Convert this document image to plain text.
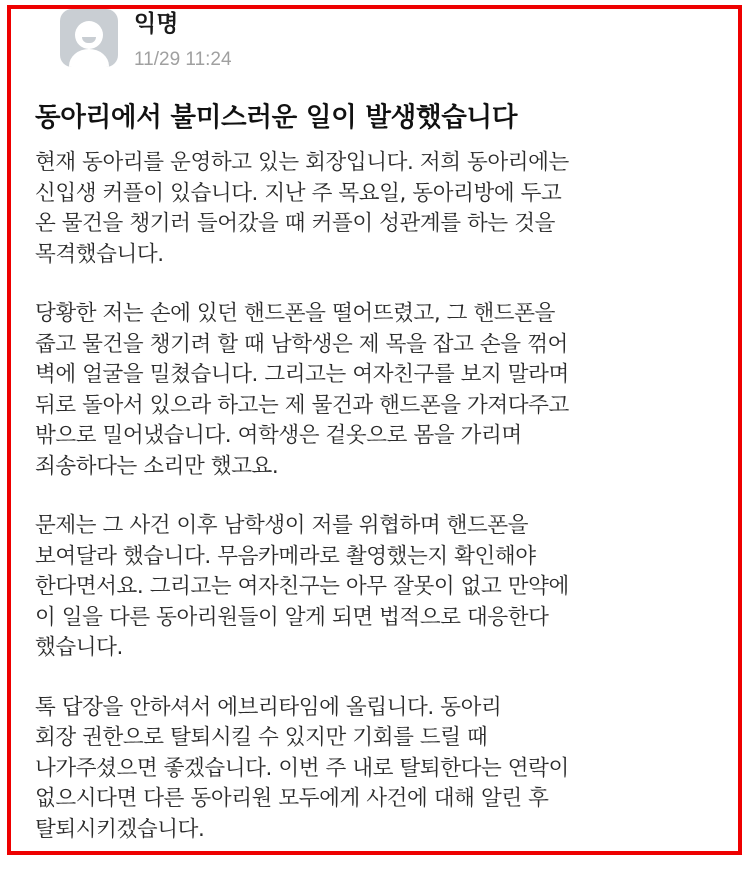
익명
11/29 11:24
동아리에서 불미스러운 일이 발생했습니다
현재 동아리를 운영하고 있는 회장입니다. 저희 동아리에는
신입생 커플이 있습니다. 지난 주 목요일, 동아리방에 두고
온 물건을 챙기러 들어갔을 때 커플이 성관계를 하는 것을
목격했습니다.
당황한 저는 손에 있던 핸드폰을 떨어뜨렸고, 그 핸드폰을
줍고 물건을 챙기려 할 때 남학생은 제 목을 잡고 손을 꺾어
벽에 얼굴을 밀쳤습니다. 그리고는 여자친구를 보지 말라며
뒤로 돌아서 있으라 하고는 제 물건과 핸드폰을 가져다주고
밖으로 밀어냈습니다. 여학생은 겉옷으로 몸을 가리며
죄송하다는 소리만 했고요.
문제는 그 사건 이후 남학생이 저를 위협하며 핸드폰을
보여달라 했습니다. 무음카메라로 촬영했는지 확인해야
한다면서요. 그리고는 여자친구는 아무 잘못이 없고 만약에
이 일을 다른 동아리원들이 알게 되면 법적으로 대응한다
했습니다.
톡 답장을 안하셔서 에브리타임에 올립니다. 동아리
회장 권한으로 탈퇴시킬 수 있지만 기회를 드릴 때
나가주셨으면 좋겠습니다. 이번 주 내로 탈퇴한다는 연락이
없으시다면 다른 동아리원 모두에게 사건에 대해 알린 후
탈퇴시키겠습니다.
